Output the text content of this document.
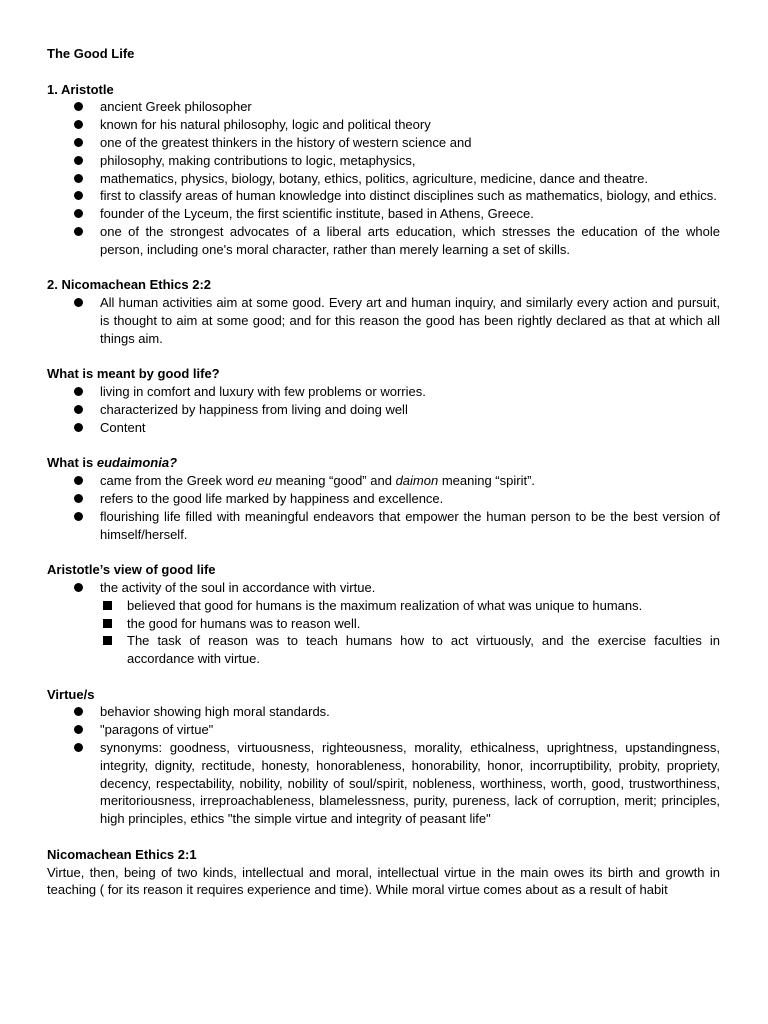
The Good Life
1. Aristotle
ancient Greek philosopher
known for his natural philosophy, logic and political theory
one of the greatest thinkers in the history of western science and
philosophy, making contributions to logic, metaphysics,
mathematics, physics, biology, botany, ethics, politics, agriculture, medicine, dance and theatre.
first to classify areas of human knowledge into distinct disciplines such as mathematics, biology, and ethics.
founder of the Lyceum, the first scientific institute, based in Athens, Greece.
one of the strongest advocates of a liberal arts education, which stresses the education of the whole person, including one's moral character, rather than merely learning a set of skills.
2. Nicomachean Ethics 2:2
All human activities aim at some good. Every art and human inquiry, and similarly every action and pursuit, is thought to aim at some good; and for this reason the good has been rightly declared as that at which all things aim.
What is meant by good life?
living in comfort and luxury with few problems or worries.
characterized by happiness from living and doing well
Content
What is eudaimonia?
came from the Greek word eu meaning “good” and daimon meaning “spirit”.
refers to the good life marked by happiness and excellence.
flourishing life filled with meaningful endeavors that empower the human person to be the best version of himself/herself.
Aristotle’s view of good life
the activity of the soul in accordance with virtue.
believed that good for humans is the maximum realization of what was unique to humans.
the good for humans was to reason well.
The task of reason was to teach humans how to act virtuously, and the exercise faculties in accordance with virtue.
Virtue/s
behavior showing high moral standards.
"paragons of virtue"
synonyms: goodness, virtuousness, righteousness, morality, ethicalness, uprightness, upstandingness, integrity, dignity, rectitude, honesty, honorableness, honorability, honor, incorruptibility, probity, propriety, decency, respectability, nobility, nobility of soul/spirit, nobleness, worthiness, worth, good, trustworthiness, meritoriousness, irreproachableness, blamelessness, purity, pureness, lack of corruption, merit; principles, high principles, ethics "the simple virtue and integrity of peasant life"
Nicomachean Ethics 2:1
Virtue, then, being of two kinds, intellectual and moral, intellectual virtue in the main owes its birth and growth in teaching ( for its reason it requires experience and time). While moral virtue comes about as a result of habit
